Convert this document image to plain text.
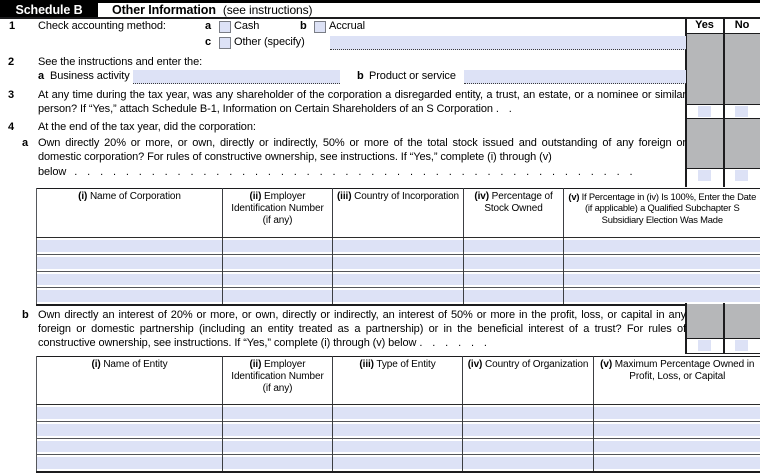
Schedule B	Other Information (see instructions)
Yes	No
1 Check accounting method:	a Cash	b Accrual
c Other (specify)
2 See the instructions and enter the:
a Business activity	b Product or service
3 At any time during the tax year, was any shareholder of the corporation a disregarded entity, a trust, an estate, or a nominee or similar person? If “Yes,” attach Schedule B-1, Information on Certain Shareholders of an S Corporation . .
4 At the end of the tax year, did the corporation:
a Own directly 20% or more, or own, directly or indirectly, 50% or more of the total stock issued and outstanding of any foreign or domestic corporation? For rules of constructive ownership, see instructions. If “Yes,” complete (i) through (v)
below . . . . . . . . . . . . . . . . . . . . . . . . . . . . . . . . . . . . . . . . . . . .
(i) Name of Corporation	(ii) Employer Identification Number (if any)	(iii) Country of Incorporation	(iv) Percentage of Stock Owned	(v) If Percentage in (iv) Is 100%, Enter the Date (if applicable) a Qualified Subchapter S Subsidiary Election Was Made

b Own directly an interest of 20% or more, or own, directly or indirectly, an interest of 50% or more in the profit, loss, or capital in any foreign or domestic partnership (including an entity treated as a partnership) or in the beneficial interest of a trust? For rules of constructive ownership, see instructions. If “Yes,” complete (i) through (v) below . . . . . .
(i) Name of Entity	(ii) Employer Identification Number (if any)	(iii) Type of Entity	(iv) Country of Organization	(v) Maximum Percentage Owned in Profit, Loss, or Capital
